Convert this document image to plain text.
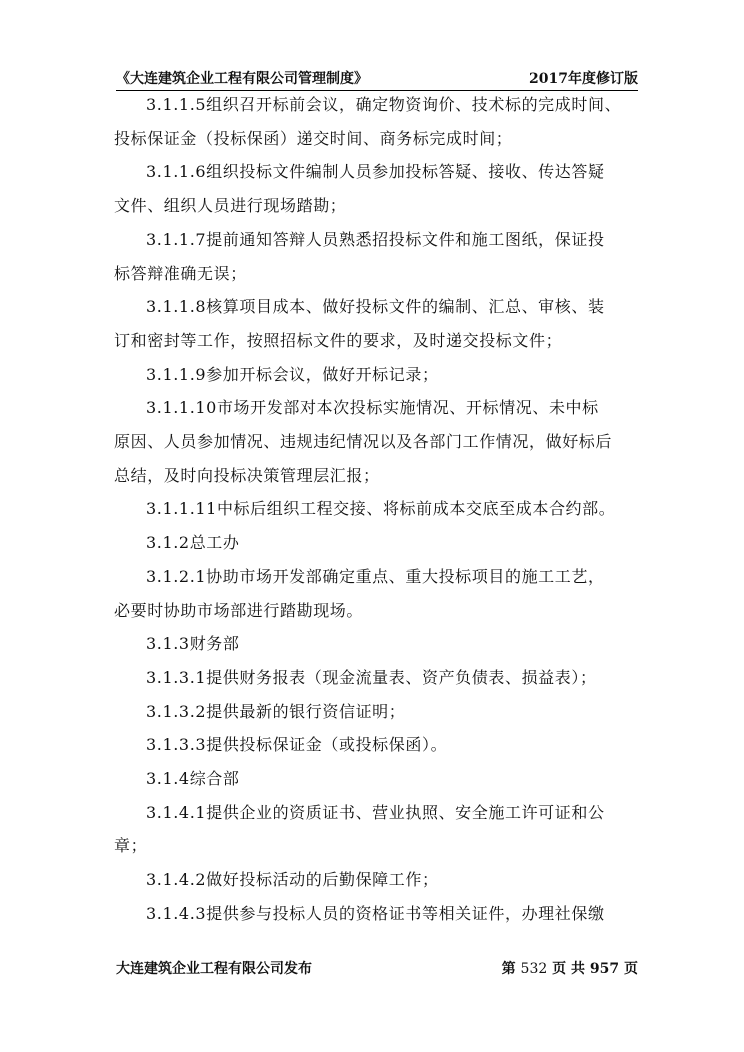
《大连建筑企业工程有限公司管理制度》	2017年度修订版

3.1.1.5组织召开标前会议，确定物资询价、技术标的完成时间、

投标保证金（投标保函）递交时间、商务标完成时间；

3.1.1.6组织投标文件编制人员参加投标答疑、接收、传达答疑

文件、组织人员进行现场踏勘；

3.1.1.7提前通知答辩人员熟悉招投标文件和施工图纸，保证投

标答辩准确无误；

3.1.1.8核算项目成本、做好投标文件的编制、汇总、审核、装

订和密封等工作，按照招标文件的要求，及时递交投标文件；

3.1.1.9参加开标会议，做好开标记录；

3.1.1.10市场开发部对本次投标实施情况、开标情况、未中标

原因、人员参加情况、违规违纪情况以及各部门工作情况，做好标后

总结，及时向投标决策管理层汇报；

3.1.1.11中标后组织工程交接、将标前成本交底至成本合约部。

3.1.2总工办

3.1.2.1协助市场开发部确定重点、重大投标项目的施工工艺，

必要时协助市场部进行踏勘现场。

3.1.3财务部

3.1.3.1提供财务报表（现金流量表、资产负债表、损益表）；

3.1.3.2提供最新的银行资信证明；

3.1.3.3提供投标保证金（或投标保函）。

3.1.4综合部

3.1.4.1提供企业的资质证书、营业执照、安全施工许可证和公

章；

3.1.4.2做好投标活动的后勤保障工作；

3.1.4.3提供参与投标人员的资格证书等相关证件，办理社保缴

大连建筑企业工程有限公司发布	第 532 页 共 957 页
